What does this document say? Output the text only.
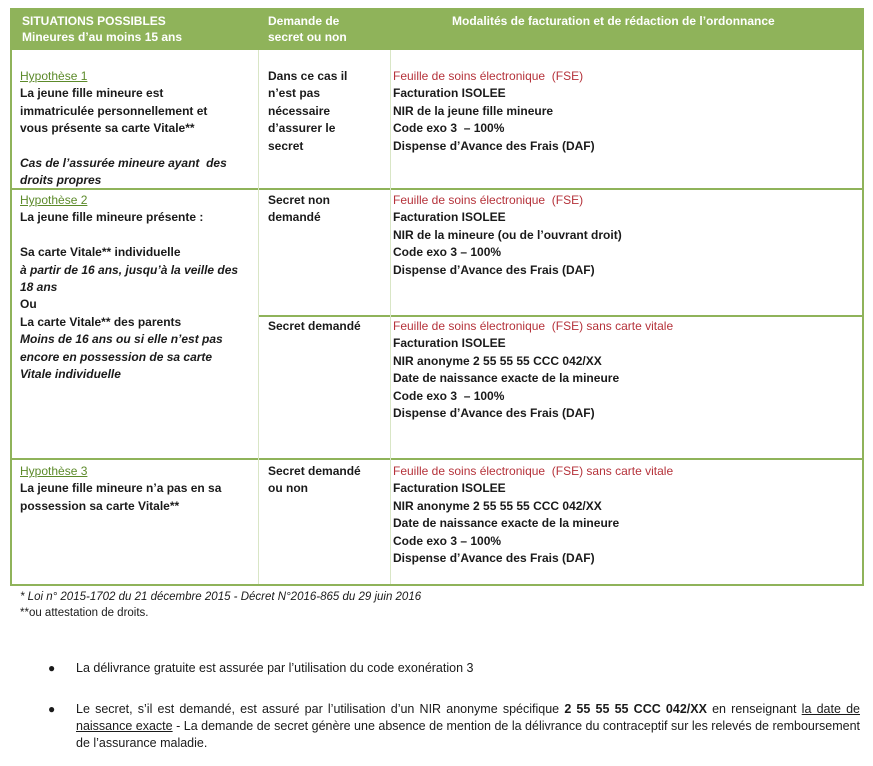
SITUATIONS POSSIBLES
Mineures d’au moins 15 ans
Demande de
secret ou non
Modalités de facturation et de rédaction de l’ordonnance
Hypothèse 1
La jeune fille mineure est
immatriculée personnellement et
vous présente sa carte Vitale**
Cas de l’assurée mineure ayant  des
droits propres
Dans ce cas il
n’est pas
nécessaire
d’assurer le
secret
Feuille de soins électronique  (FSE)
Facturation ISOLEE
NIR de la jeune fille mineure
Code exo 3  – 100%
Dispense d’Avance des Frais (DAF)
Hypothèse 2
La jeune fille mineure présente :
Sa carte Vitale** individuelle
à partir de 16 ans, jusqu’à la veille des
18 ans
Ou
La carte Vitale** des parents
Moins de 16 ans ou si elle n’est pas
encore en possession de sa carte
Vitale individuelle
Secret non
demandé
Feuille de soins électronique  (FSE)
Facturation ISOLEE
NIR de la mineure (ou de l’ouvrant droit)
Code exo 3 – 100%
Dispense d’Avance des Frais (DAF)
Secret demandé	Feuille de soins électronique  (FSE) sans carte vitale
Facturation ISOLEE
NIR anonyme 2 55 55 55 CCC 042/XX
Date de naissance exacte de la mineure
Code exo 3  – 100%
Dispense d’Avance des Frais (DAF)
Hypothèse 3
La jeune fille mineure n’a pas en sa
possession sa carte Vitale**
Secret demandé
ou non
Feuille de soins électronique  (FSE) sans carte vitale
Facturation ISOLEE
NIR anonyme 2 55 55 55 CCC 042/XX
Date de naissance exacte de la mineure
Code exo 3 – 100%
Dispense d’Avance des Frais (DAF)
* Loi n° 2015-1702 du 21 décembre 2015 - Décret N°2016-865 du 29 juin 2016
**ou attestation de droits.
● La délivrance gratuite est assurée par l’utilisation du code exonération 3
● Le secret, s’il est demandé, est assuré par l’utilisation d’un NIR anonyme spécifique 2 55 55 55 CCC 042/XX en renseignant la date de naissance exacte - La demande de secret génère une absence de mention de la délivrance du contraceptif sur les relevés de remboursement de l’assurance maladie.
